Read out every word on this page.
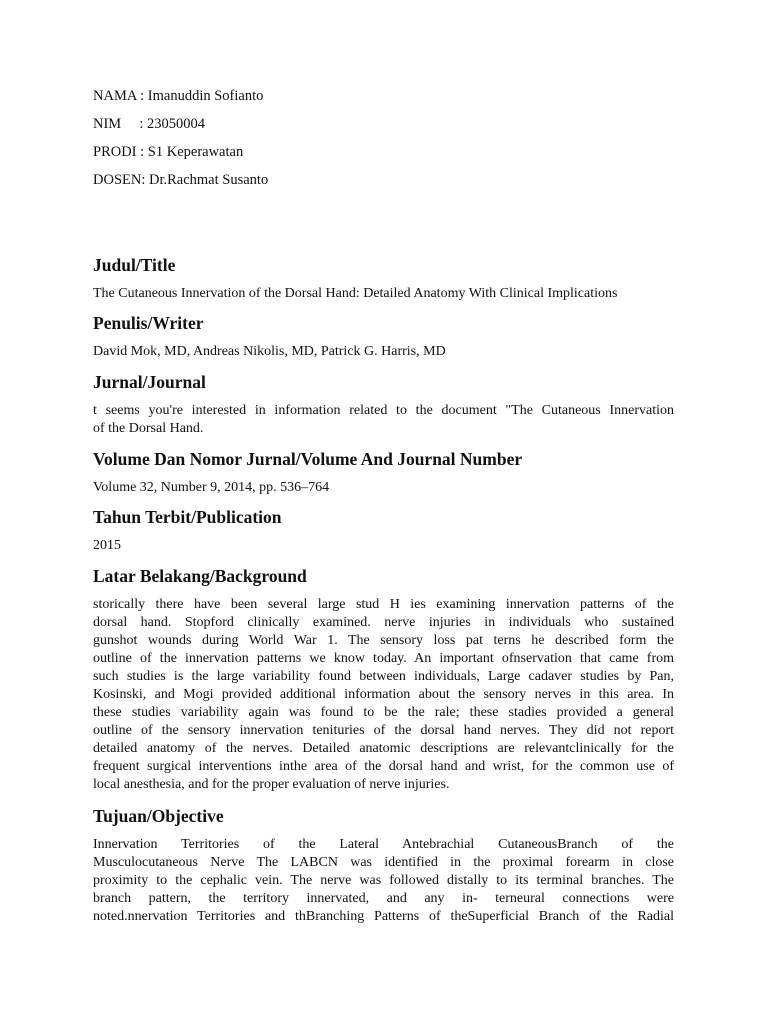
NAMA : Imanuddin Sofianto
NIM     : 23050004
PRODI : S1 Keperawatan
DOSEN: Dr.Rachmat Susanto
Judul/Title
The Cutaneous Innervation of the Dorsal Hand: Detailed Anatomy With Clinical Implications
Penulis/Writer
David Mok, MD, Andreas Nikolis, MD, Patrick G. Harris, MD
Jurnal/Journal
t seems you're interested in information related to the document "The Cutaneous Innervation
of the Dorsal Hand.
Volume Dan Nomor Jurnal/Volume And Journal Number
Volume 32, Number 9, 2014, pp. 536–764
Tahun Terbit/Publication
2015
Latar Belakang/Background
storically there have been several large stud H ies examining innervation patterns of the
dorsal hand. Stopford clinically examined. nerve injuries in individuals who sustained
gunshot wounds during World War 1. The sensory loss pat terns he described form the
outline of the innervation patterns we know today. An important ofnservation that came from
such studies is the large variability found between individuals, Large cadaver studies by Pan,
Kosinski, and Mogi provided additional information about the sensory nerves in this area. In
these studies variability again was found to be the rale; these stadies provided a general
outline of the sensory innervation tenituries of the dorsal hand nerves. They did not report
detailed anatomy of the nerves. Detailed anatomic descriptions are relevantclinically for the
frequent surgical interventions inthe area of the dorsal hand and wrist, for the common use of
local anesthesia, and for the proper evaluation of nerve injuries.
Tujuan/Objective
Innervation Territories of the Lateral Antebrachial CutaneousBranch of the
Musculocutaneous Nerve The LABCN was identified in the proximal forearm in close
proximity to the cephalic vein. The nerve was followed distally to its terminal branches. The
branch pattern, the territory innervated, and any in- terneural connections were
noted.nnervation Territories and thBranching Patterns of theSuperficial Branch of the Radial
